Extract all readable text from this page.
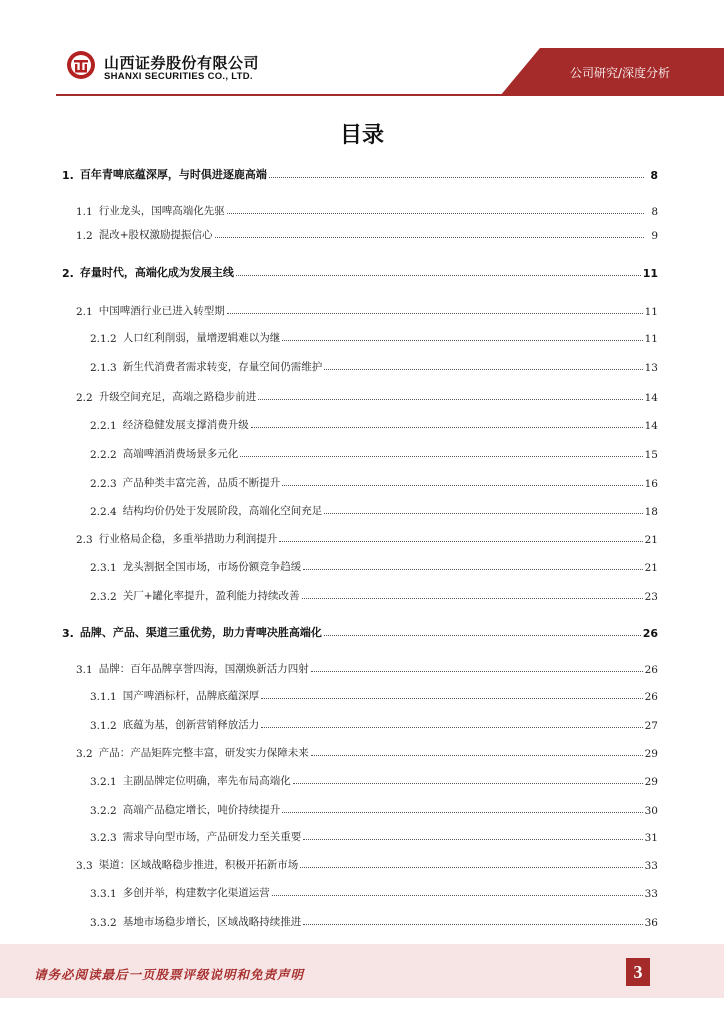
山西证券股份有限公司
SHANXI SECURITIES CO., LTD.	公司研究/深度分析
目录
1. 百年青啤底蕴深厚，与时俱进逐鹿高端	8
1.1 行业龙头，国啤高端化先驱	8
1.2 混改+股权激励提振信心	9
2. 存量时代，高端化成为发展主线	11
2.1 中国啤酒行业已进入转型期	11
2.1.2 人口红利削弱，量增逻辑难以为继	11
2.1.3 新生代消费者需求转变，存量空间仍需维护	13
2.2 升级空间充足，高端之路稳步前进	14
2.2.1 经济稳健发展支撑消费升级	14
2.2.2 高端啤酒消费场景多元化	15
2.2.3 产品种类丰富完善，品质不断提升	16
2.2.4 结构均价仍处于发展阶段，高端化空间充足	18
2.3 行业格局企稳，多重举措助力利润提升	21
2.3.1 龙头割据全国市场，市场份额竞争趋缓	21
2.3.2 关厂+罐化率提升，盈利能力持续改善	23
3. 品牌、产品、渠道三重优势，助力青啤决胜高端化	26
3.1 品牌：百年品牌享誉四海，国潮焕新活力四射	26
3.1.1 国产啤酒标杆，品牌底蕴深厚	26
3.1.2 底蕴为基，创新营销释放活力	27
3.2 产品：产品矩阵完整丰富，研发实力保障未来	29
3.2.1 主副品牌定位明确，率先布局高端化	29
3.2.2 高端产品稳定增长，吨价持续提升	30
3.2.3 需求导向型市场，产品研发力至关重要	31
3.3 渠道：区域战略稳步推进，积极开拓新市场	33
3.3.1 多创并举，构建数字化渠道运营	33
3.3.2 基地市场稳步增长，区域战略持续推进	36
请务必阅读最后一页股票评级说明和免责声明	3
